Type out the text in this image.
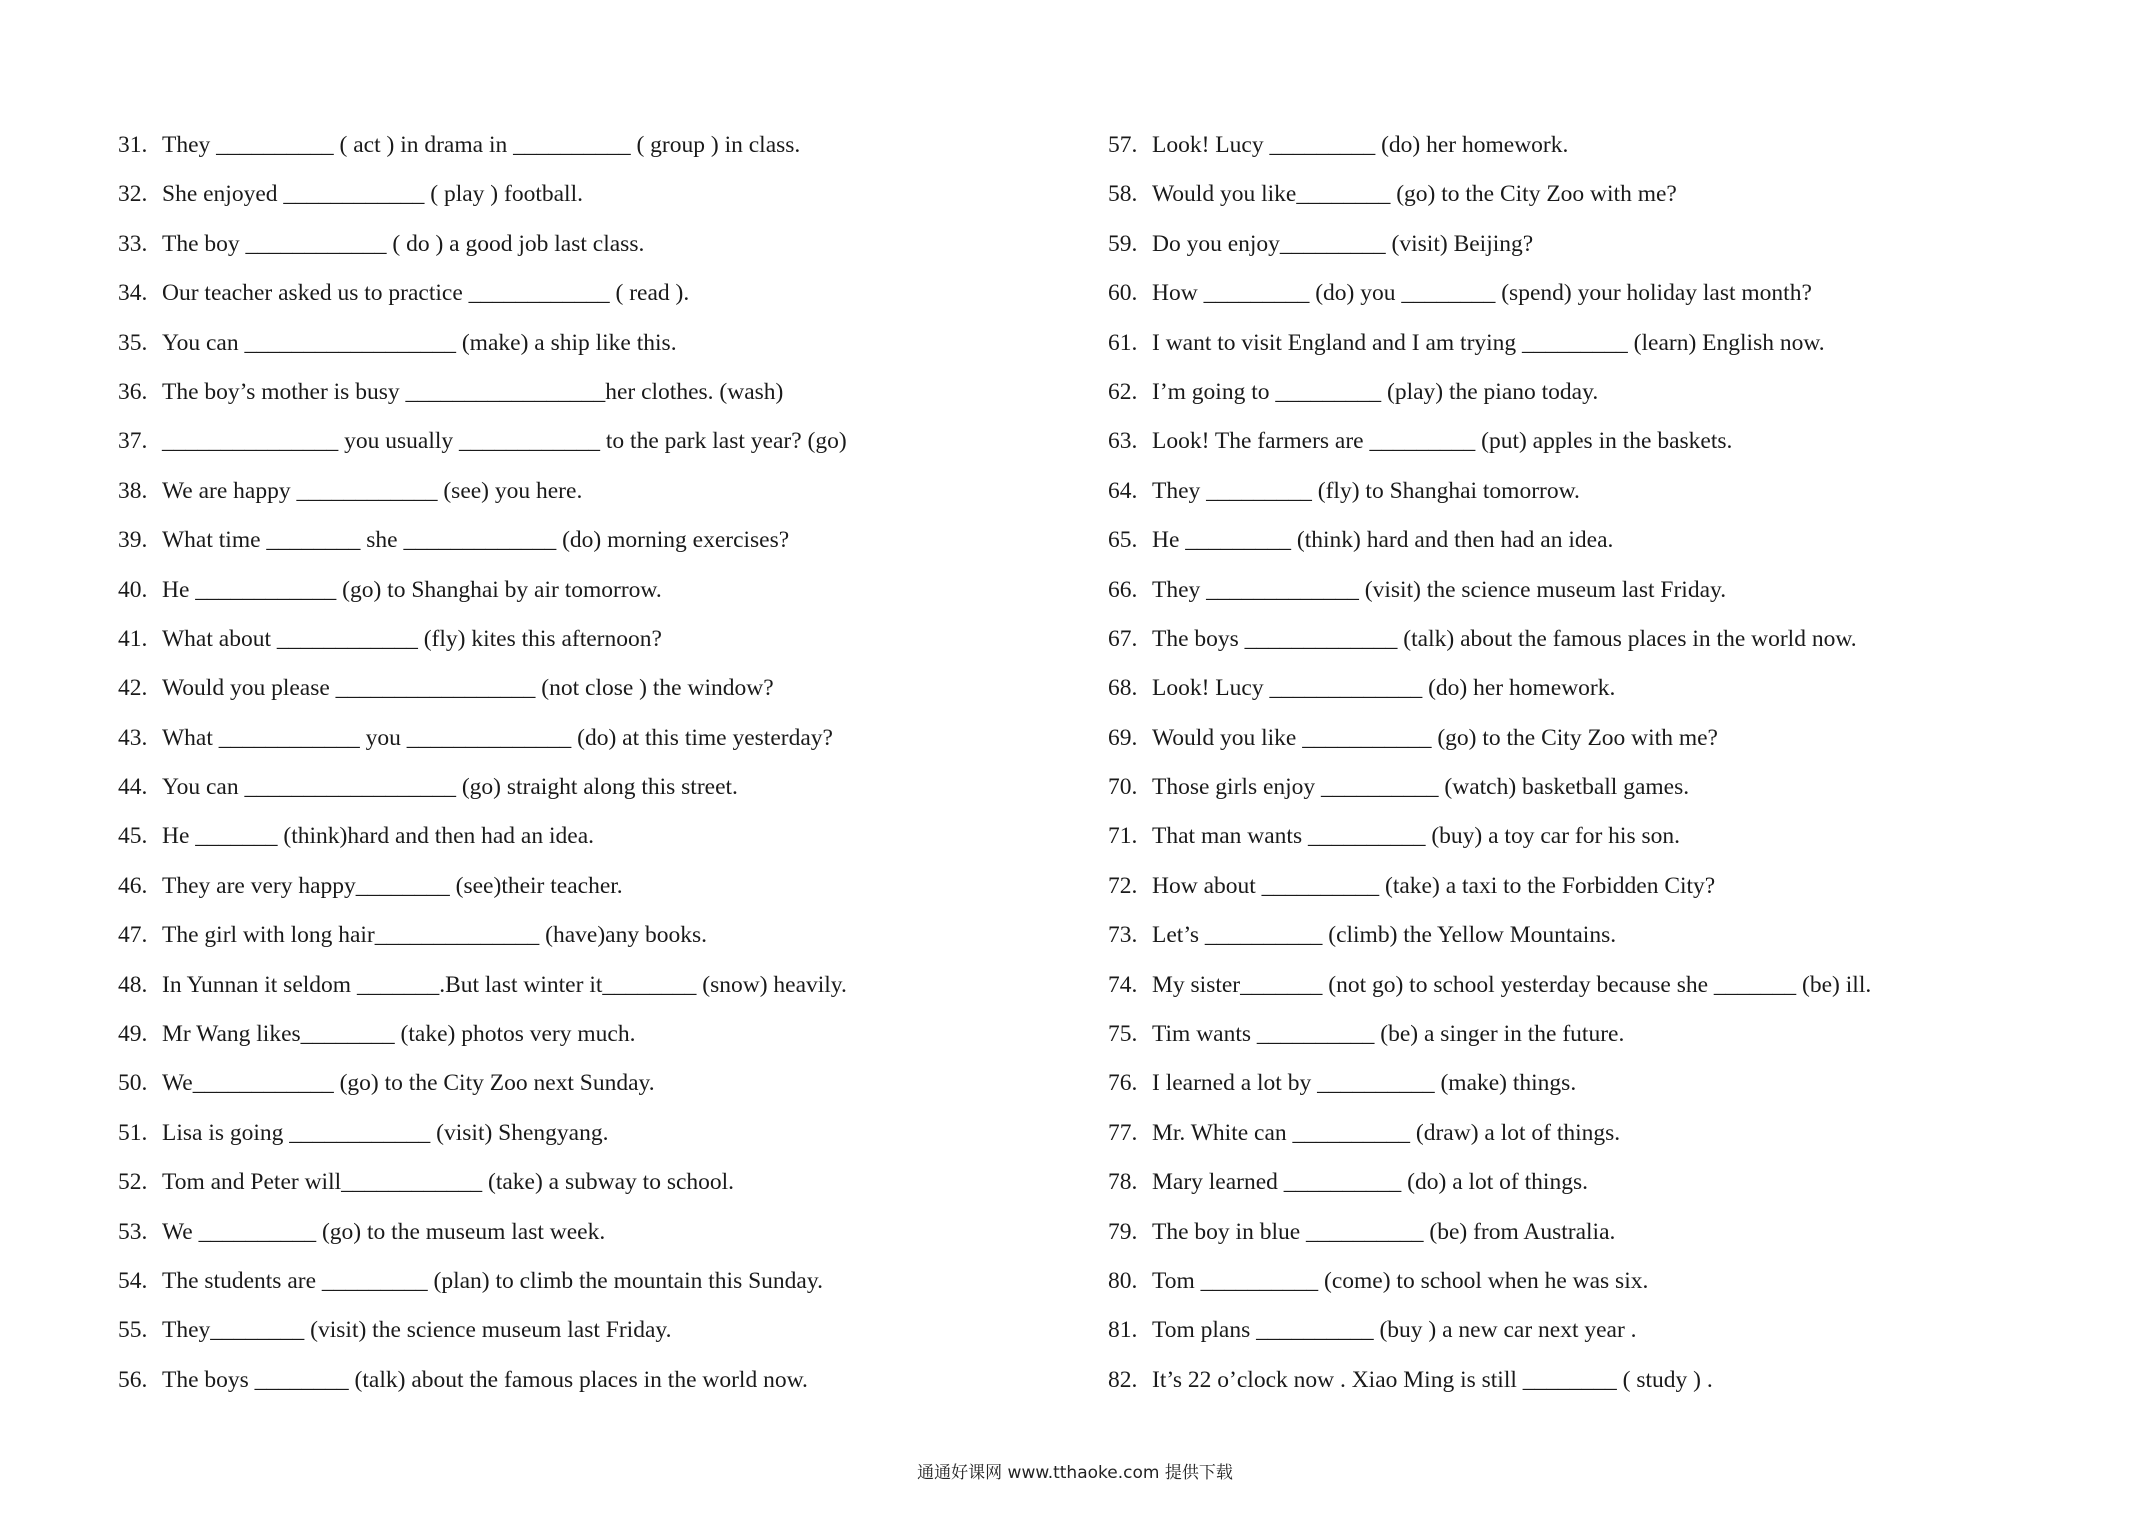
31. They __________ ( act ) in drama in __________ ( group ) in class.
32. She enjoyed ____________ ( play ) football.
33. The boy ____________ ( do ) a good job last class.
34. Our teacher asked us to practice ____________ ( read ).
35. You can __________________ (make) a ship like this.
36. The boy’s mother is busy _________________her clothes. (wash)
37. _______________ you usually ____________ to the park last year? (go)
38. We are happy ____________ (see) you here.
39. What time ________ she _____________ (do) morning exercises?
40. He ____________ (go) to Shanghai by air tomorrow.
41. What about ____________ (fly) kites this afternoon?
42. Would you please _________________ (not close ) the window?
43. What ____________ you ______________ (do) at this time yesterday?
44. You can __________________ (go) straight along this street.
45. He _______ (think)hard and then had an idea.
46. They are very happy________ (see)their teacher.
47. The girl with long hair______________ (have)any books.
48. In Yunnan it seldom _______.But last winter it________ (snow) heavily.
49. Mr Wang likes________ (take) photos very much.
50. We____________ (go) to the City Zoo next Sunday.
51. Lisa is going ____________ (visit) Shengyang.
52. Tom and Peter will____________ (take) a subway to school.
53. We __________ (go) to the museum last week.
54. The students are _________ (plan) to climb the mountain this Sunday.
55. They________ (visit) the science museum last Friday.
56. The boys ________ (talk) about the famous places in the world now.
57. Look! Lucy _________ (do) her homework.
58. Would you like________ (go) to the City Zoo with me?
59. Do you enjoy_________ (visit) Beijing?
60. How _________ (do) you ________ (spend) your holiday last month?
61. I want to visit England and I am trying _________ (learn) English now.
62. I’m going to _________ (play) the piano today.
63. Look! The farmers are _________ (put) apples in the baskets.
64. They _________ (fly) to Shanghai tomorrow.
65. He _________ (think) hard and then had an idea.
66. They _____________ (visit) the science museum last Friday.
67. The boys _____________ (talk) about the famous places in the world now.
68. Look! Lucy _____________ (do) her homework.
69. Would you like ___________ (go) to the City Zoo with me?
70. Those girls enjoy __________ (watch) basketball games.
71. That man wants __________ (buy) a toy car for his son.
72. How about __________ (take) a taxi to the Forbidden City?
73. Let’s __________ (climb) the Yellow Mountains.
74. My sister_______ (not go) to school yesterday because she _______ (be) ill.
75. Tim wants __________ (be) a singer in the future.
76. I learned a lot by __________ (make) things.
77. Mr. White can __________ (draw) a lot of things.
78. Mary learned __________ (do) a lot of things.
79. The boy in blue __________ (be) from Australia.
80. Tom __________ (come) to school when he was six.
81. Tom plans __________ (buy ) a new car next year .
82. It’s 22 o’clock now . Xiao Ming is still ________ ( study ) .
通通好课网 www.tthaoke.com 提供下载
